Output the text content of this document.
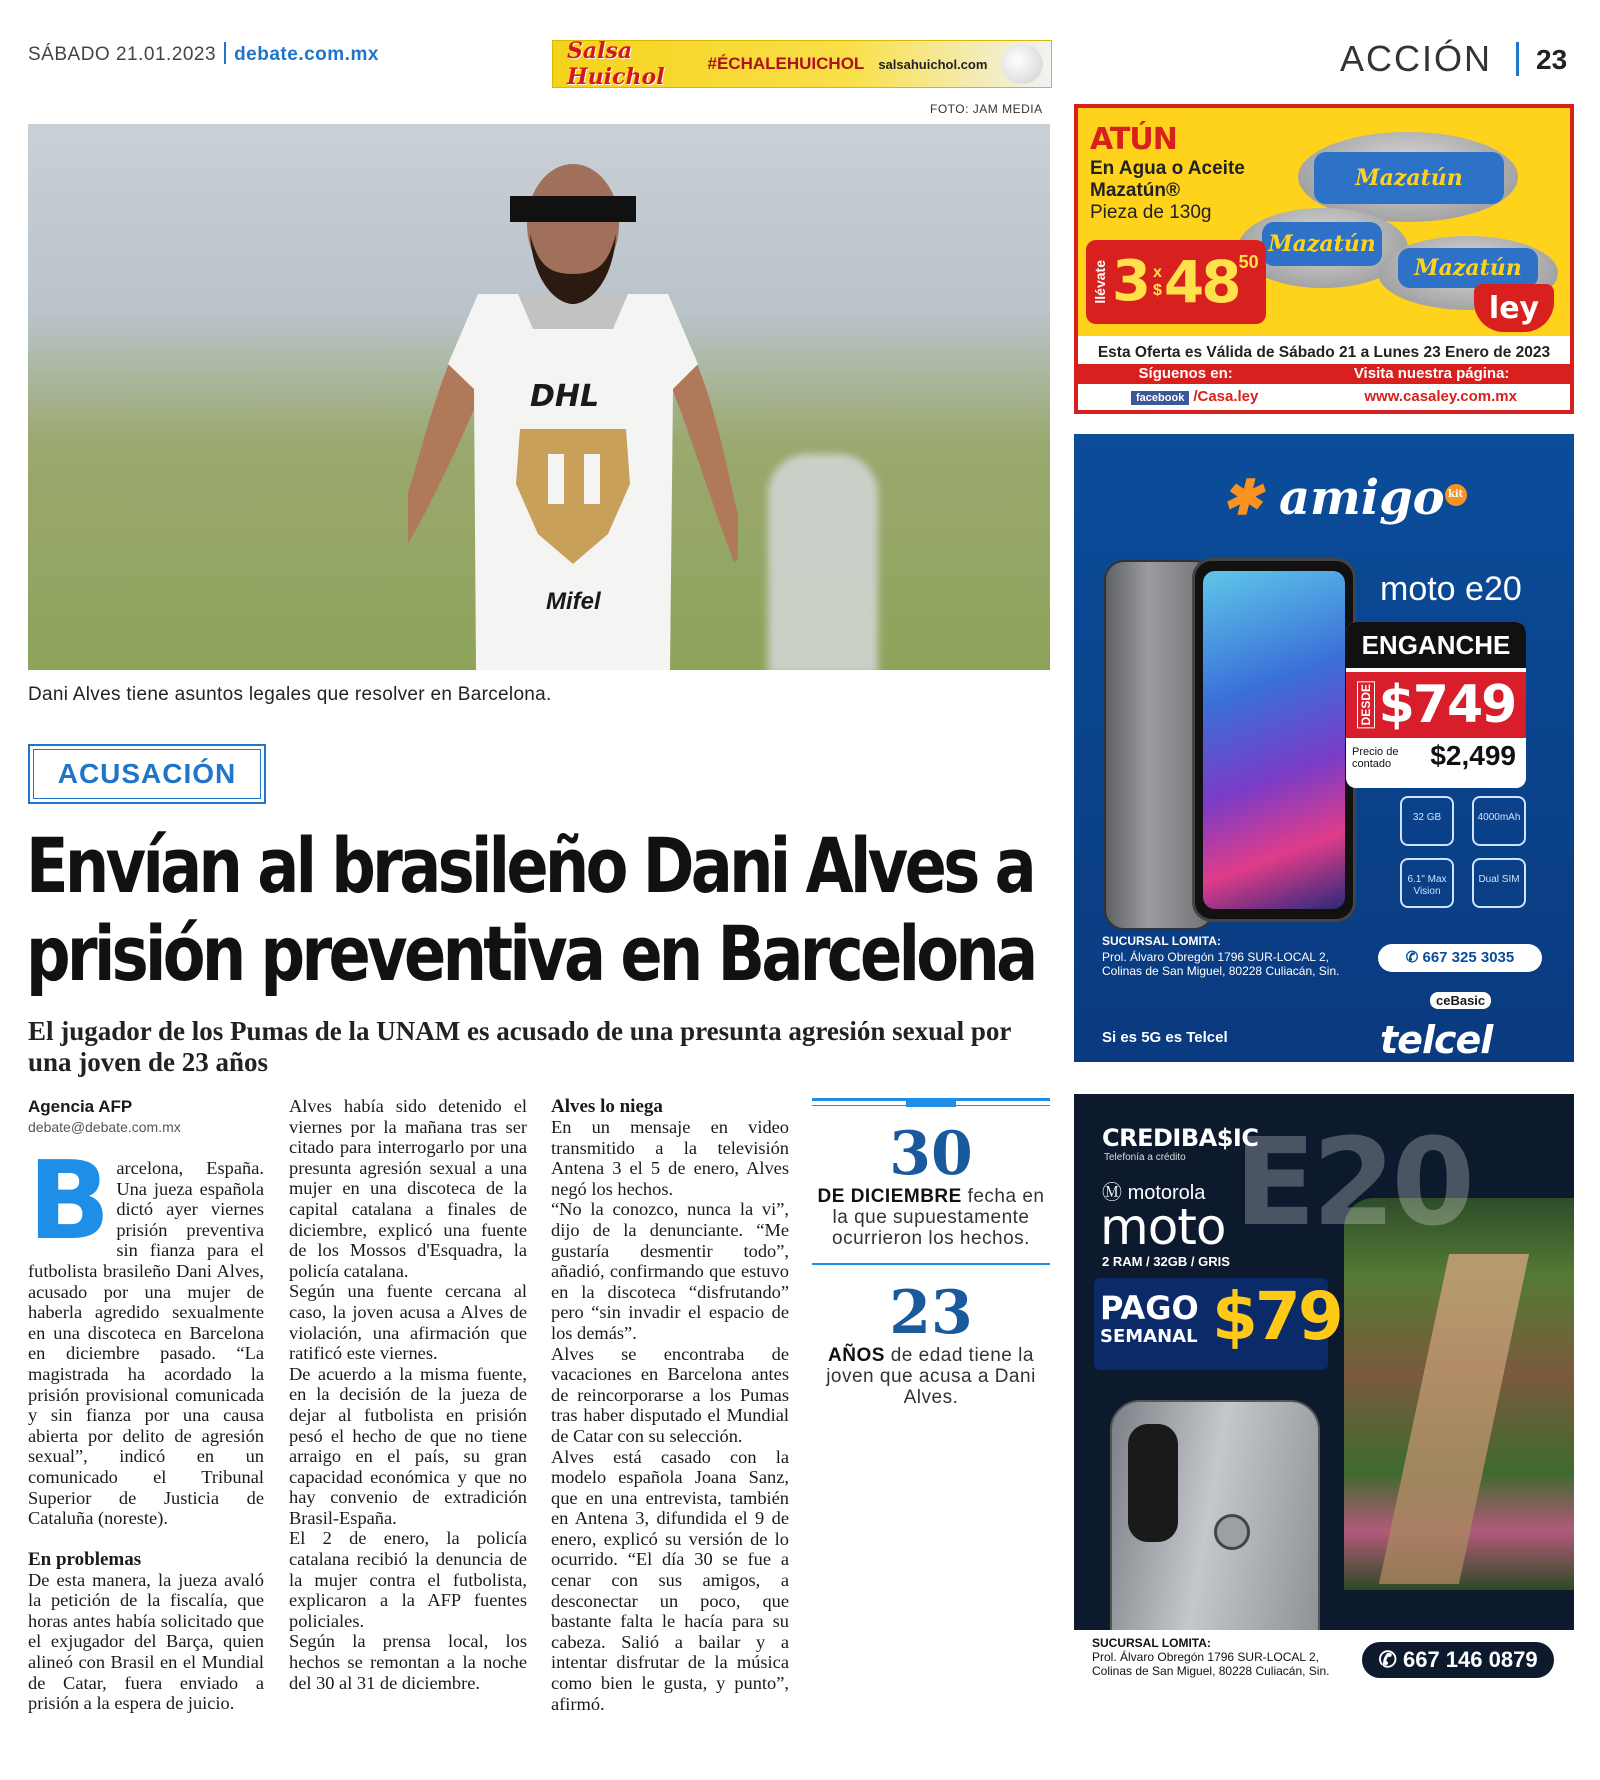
SÁBADO 21.01.2023 debate.com.mx	Salsa Huichol
#ÉCHALEHUICHOL salsahuichol.com	ACCIÓN 23
FOTO: JAM MEDIA
DHL
Mifel
Dani Alves tiene asuntos legales que resolver en Barcelona.
ACUSACIÓN
Envían al brasileño Dani Alves a
prisión preventiva en Barcelona
El jugador de los Pumas de la UNAM es acusado de una presunta agresión sexual por una joven de 23 años
Agencia AFP
debate@debate.com.mx

Barcelona, España. Una jueza española dictó ayer viernes prisión preventiva sin fianza para el futbolista brasileño Dani Alves, acusado por una mujer de haberla agredido sexualmente en una discoteca en Barcelona en diciembre pasado. “La magistrada ha acordado la prisión provisional comunicada y sin fianza por una causa abierta por delito de agresión sexual”, indicó en un comunicado el Tribunal Superior de Justicia de Cataluña (noreste).

En problemas

De esta manera, la jueza avaló la petición de la fiscalía, que horas antes había solicitado que el exjugador del Barça, quien alineó con Brasil en el Mundial de Catar, fuera enviado a prisión a la espera de juicio.

Alves había sido detenido el viernes por la mañana tras ser citado para interrogarlo por una presunta agresión sexual a una mujer en una discoteca de la capital catalana a finales de diciembre, explicó una fuente de los Mossos d'Esquadra, la policía catalana.

Según una fuente cercana al caso, la joven acusa a Alves de violación, una afirmación que ratificó este viernes.

De acuerdo a la misma fuente, en la decisión de la jueza de dejar al futbolista en prisión pesó el hecho de que no tiene arraigo en el país, su gran capacidad económica y que no hay convenio de extradición Brasil-España.

El 2 de enero, la policía catalana recibió la denuncia de la mujer contra el futbolista, explicaron a la AFP fuentes policiales.

Según la prensa local, los hechos se remontan a la noche del 30 al 31 de diciembre.

Alves lo niega

En un mensaje en video transmitido a la televisión Antena 3 el 5 de enero, Alves negó los hechos.

“No la conozco, nunca la vi”, dijo de la denunciante. “Me gustaría desmentir todo”, añadió, confirmando que estuvo en la discoteca “disfrutando” pero “sin invadir el espacio de los demás”.

Alves se encontraba de vacaciones en Barcelona antes de reincorporarse a los Pumas tras haber disputado el Mundial de Catar con su selección.

Alves está casado con la modelo española Joana Sanz, que en una entrevista, también en Antena 3, difundida el 9 de enero, explicó su versión de lo ocurrido. “El día 30 se fue a cenar con sus amigos, a desconectar un poco, que bastante falta le hacía para su cabeza. Salió a bailar y a intentar disfrutar de la música como bien le gusta, y punto”, afirmó.

30
DE DICIEMBRE fecha en la que supuestamente ocurrieron los hechos.
23
AÑOS de edad tiene la joven que acusa a Dani Alves.
ATÚN
En Agua o Aceite
Mazatún®
Pieza de 130g
Mazatún
Mazatún
Mazatún
llévate 3 x
$ 48 50
ley
Esta Oferta es Válida de Sábado 21 a Lunes 23 Enero de 2023
Síguenos en:	Visita nuestra página:
facebook /Casa.ley	www.casaley.com.mx
✱ amigo kit
moto e20
ENGANCHE
DESDE $749
Precio de contado	$2,499
32 GB	4000mAh
6.1" Max Vision
Dual SIM
SUCURSAL LOMITA:
Prol. Álvaro Obregón 1796 SUR-LOCAL 2,
Colinas de San Miguel, 80228 Culiacán, Sin.
✆ 667 325 3035
ceBasic
Si es 5G es Telcel	telcel
E20
CREDIBA$IC
Telefonía a crédito
Ⓜ motorola
moto
2 RAM / 32GB / GRIS
PAGO
SEMANAL $79
SUCURSAL LOMITA:
Prol. Álvaro Obregón 1796 SUR-LOCAL 2,
Colinas de San Miguel, 80228 Culiacán, Sin.	✆ 667 146 0879
